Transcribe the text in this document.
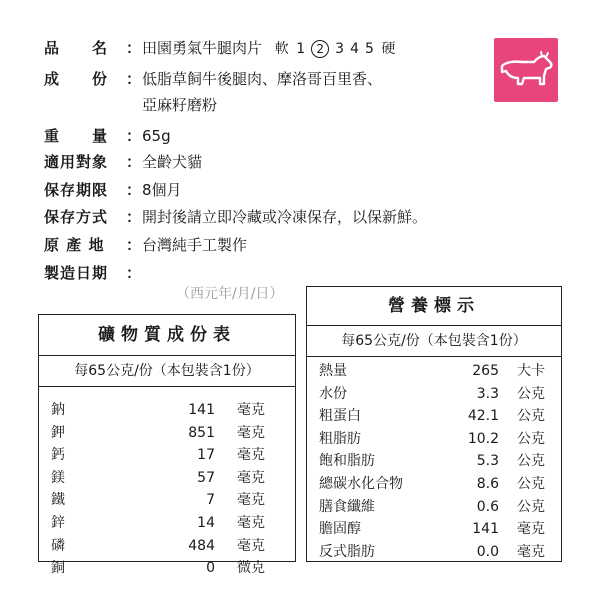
品　　名	： 田園勇氣牛腿肉片 軟 1 2 3 4 5 硬
成　　份	： 低脂草飼牛後腿肉、摩洛哥百里香、
亞麻籽磨粉
重　　量	： 65g
適用對象	： 全齡犬貓
保存期限	： 8個月
保存方式	： 開封後請立即冷藏或冷凍保存，以保新鮮。
原 產 地	： 台灣純手工製作
製造日期	：
（西元年/月/日）
礦物質成份表
每65公克/份（本包裝含1份）
鈉	141 毫克
鉀	851 毫克
鈣	17 毫克
鎂	57 毫克
鐵	7 毫克
鋅	14 毫克
磷	484 毫克
銅	0 微克
營養標示
每65公克/份（本包裝含1份）
熱量	265 大卡
水份	3.3 公克
粗蛋白	42.1 公克
粗脂肪	10.2 公克
飽和脂肪	5.3 公克
總碳水化合物	8.6 公克
膳食纖維	0.6 公克
膽固醇	141 毫克
反式脂肪	0.0 毫克
